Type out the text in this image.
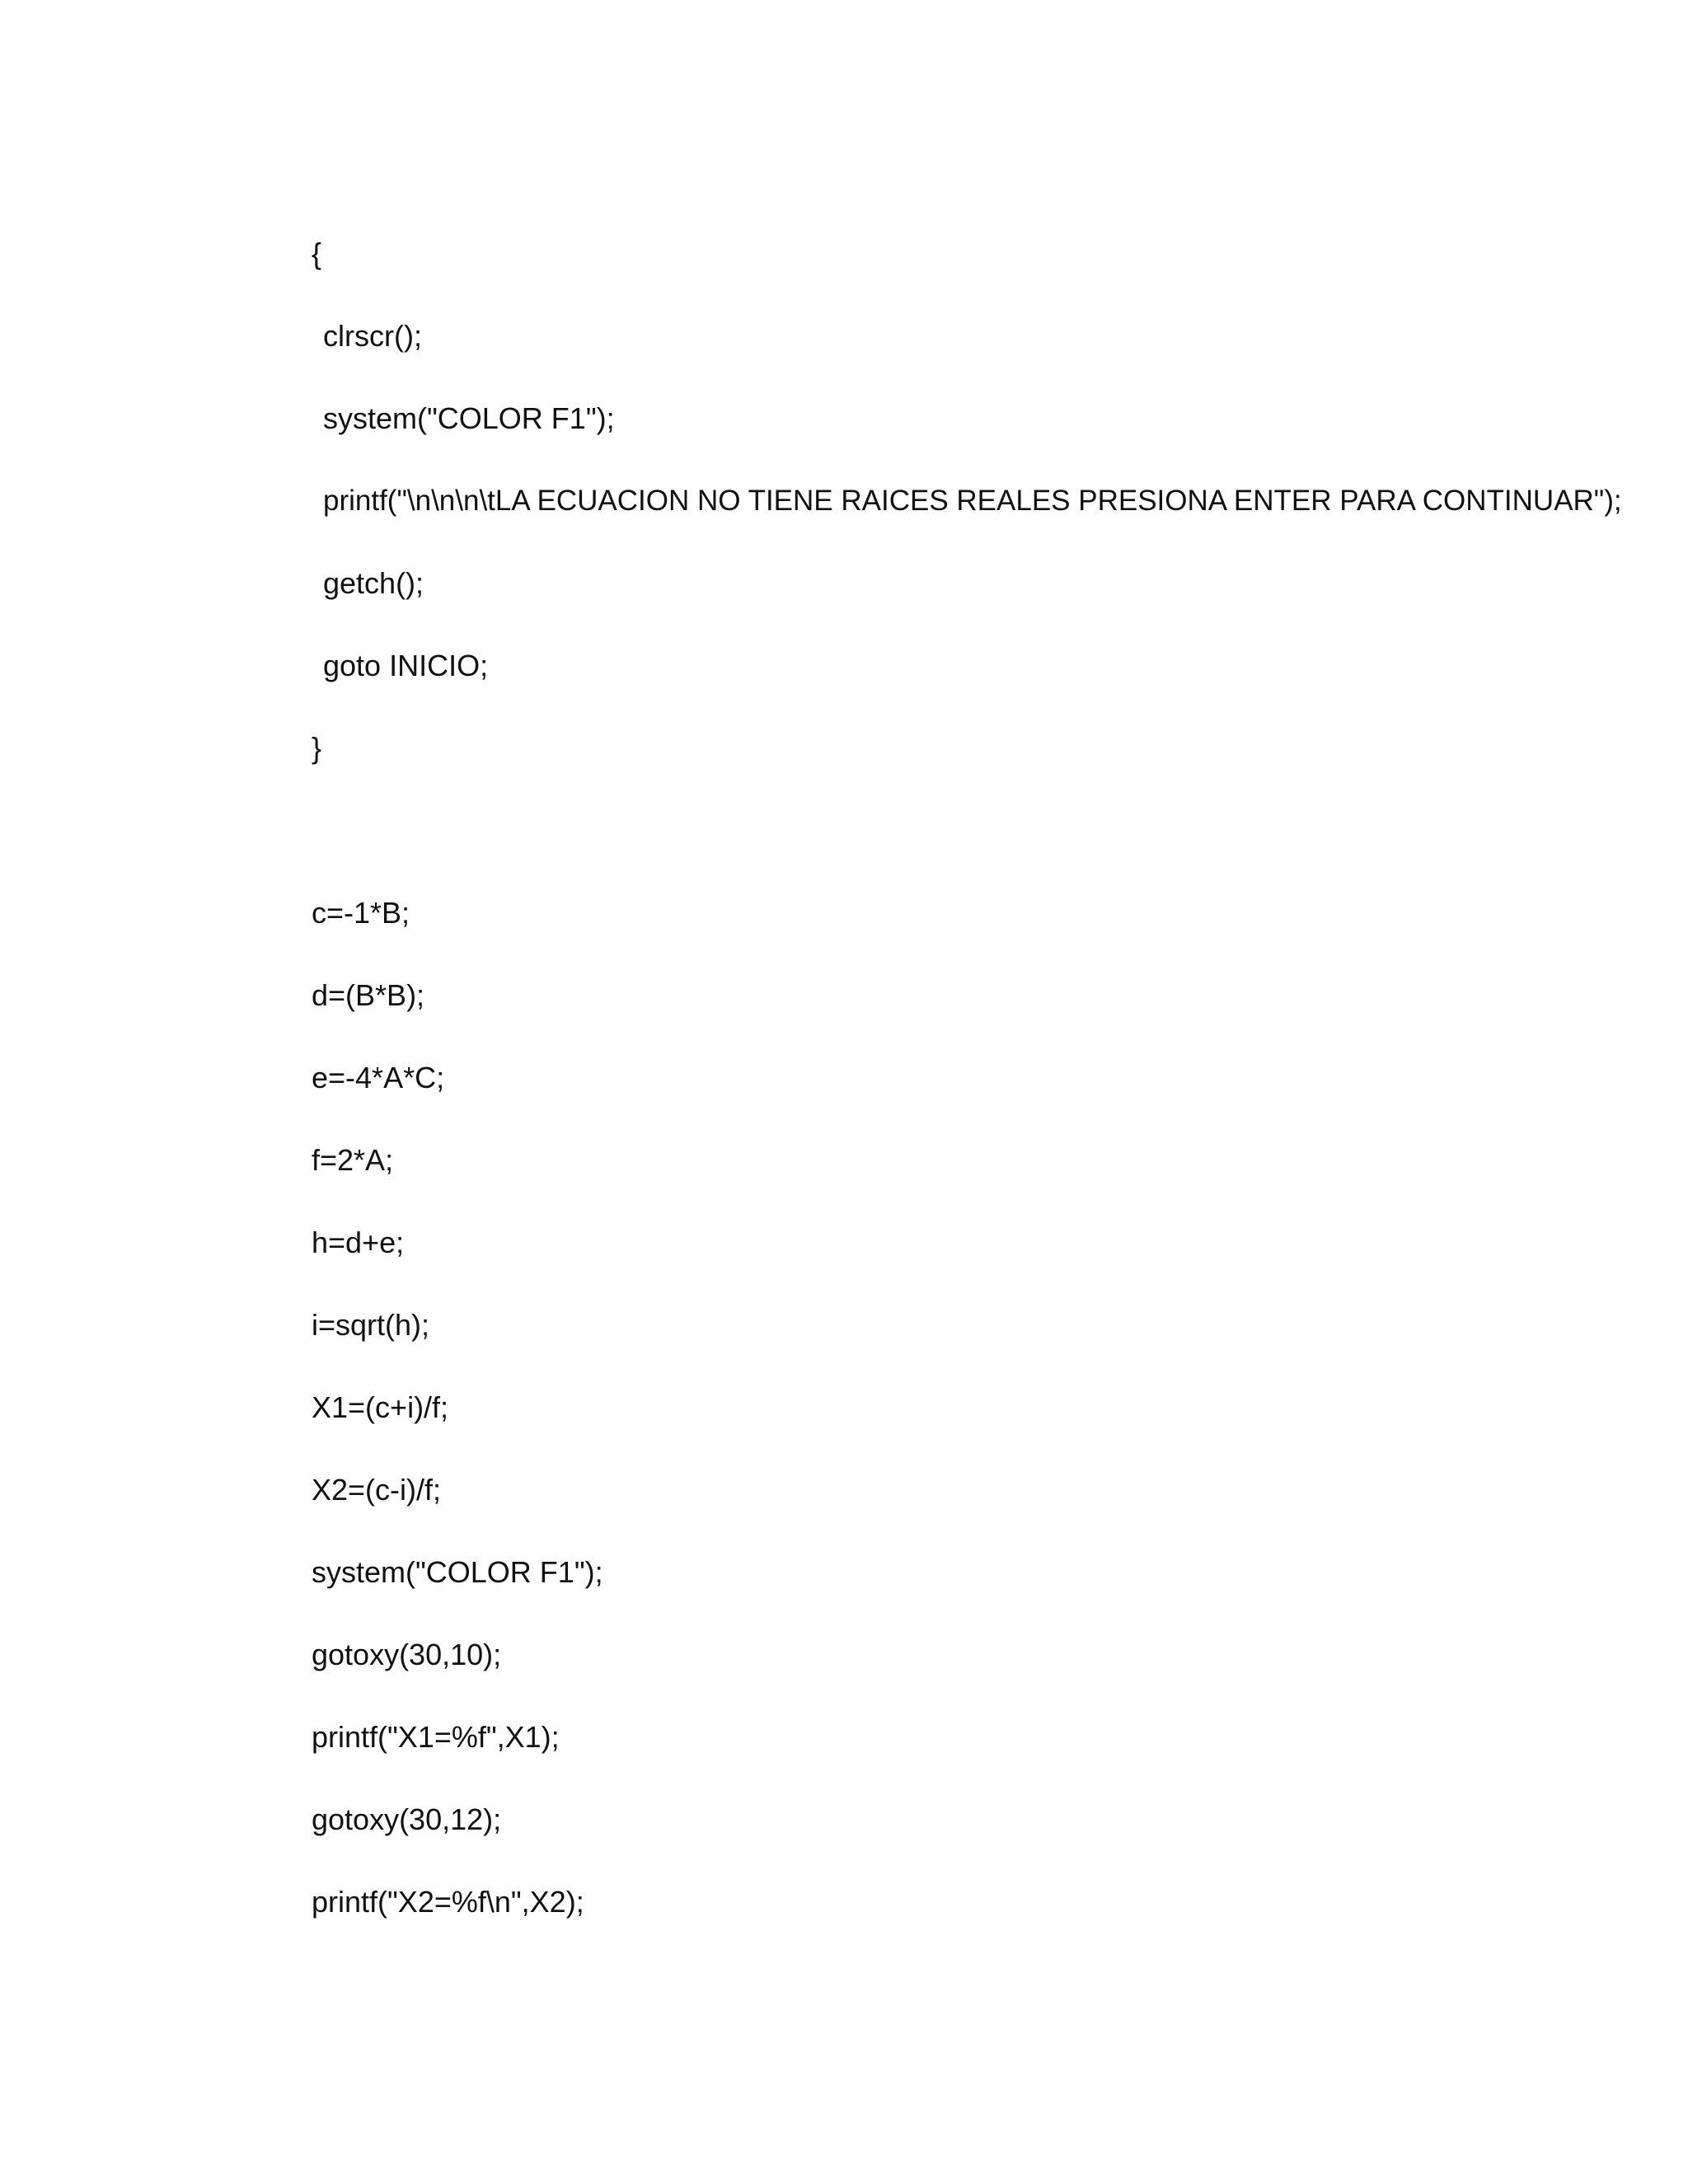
{
clrscr();
system("COLOR F1");
printf("\n\n\n\tLA ECUACION NO TIENE RAICES REALES PRESIONA ENTER PARA CONTINUAR");
getch();
goto INICIO;
}
c=-1*B;
d=(B*B);
e=-4*A*C;
f=2*A;
h=d+e;
i=sqrt(h);
X1=(c+i)/f;
X2=(c-i)/f;
system("COLOR F1");
gotoxy(30,10);
printf("X1=%f",X1);
gotoxy(30,12);
printf("X2=%f\n",X2);
